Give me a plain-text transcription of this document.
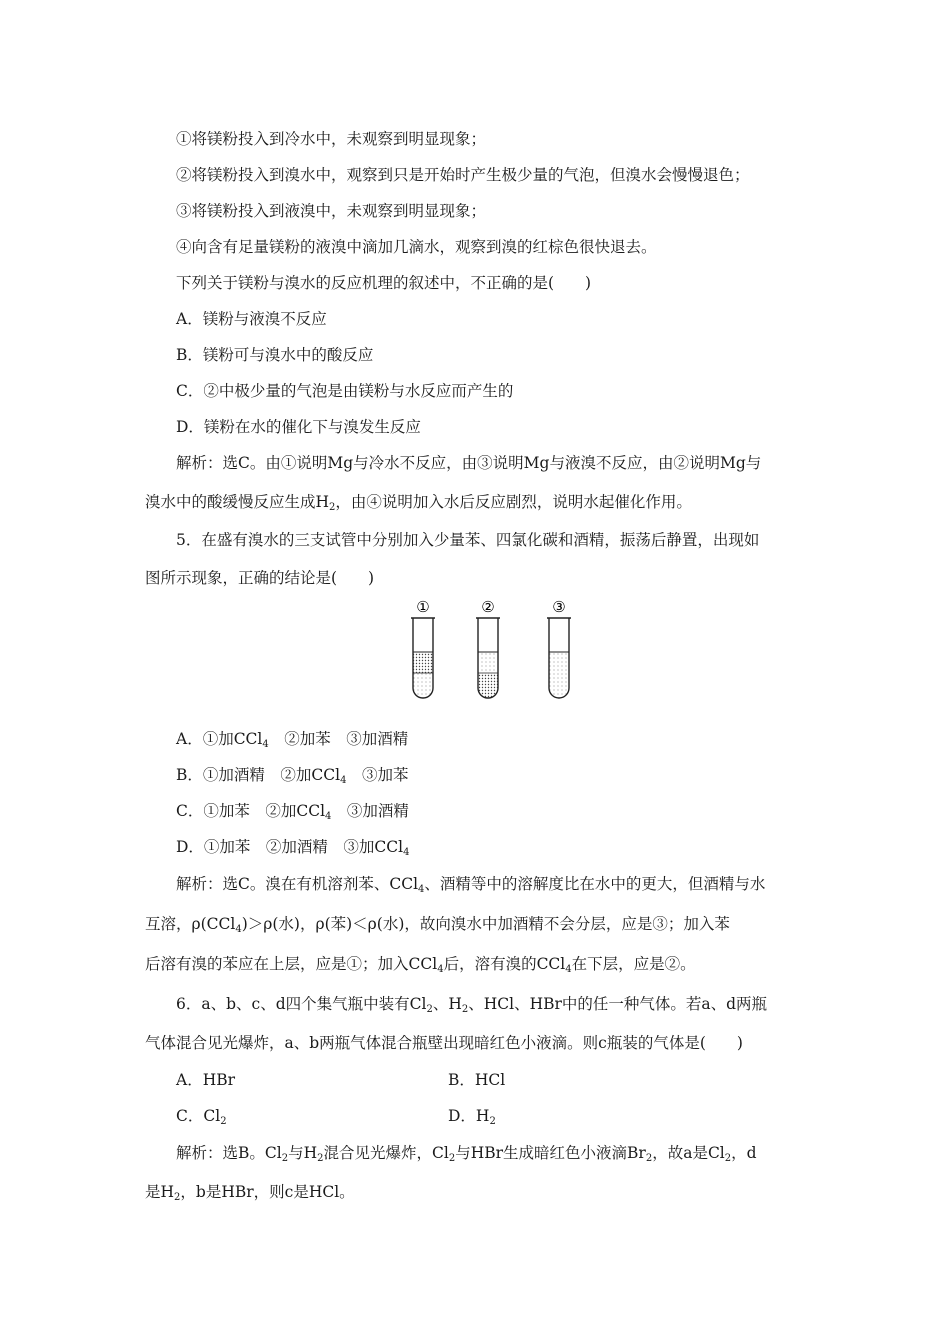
①将镁粉投入到冷水中，未观察到明显现象；
②将镁粉投入到溴水中，观察到只是开始时产生极少量的气泡，但溴水会慢慢退色；
③将镁粉投入到液溴中，未观察到明显现象；
④向含有足量镁粉的液溴中滴加几滴水，观察到溴的红棕色很快退去。
下列关于镁粉与溴水的反应机理的叙述中，不正确的是(　　)
A．镁粉与液溴不反应
B．镁粉可与溴水中的酸反应
C．②中极少量的气泡是由镁粉与水反应而产生的
D．镁粉在水的催化下与溴发生反应
解析：选C。由①说明Mg与冷水不反应，由③说明Mg与液溴不反应，由②说明Mg与
溴水中的酸缓慢反应生成$H_2$，由④说明加入水后反应剧烈，说明水起催化作用。
5．在盛有溴水的三支试管中分别加入少量苯、四氯化碳和酒精，振荡后静置，出现如
图所示现象，正确的结论是(　　)
①	②	③
A．①加CCl$_4$　②加苯　③加酒精
B．①加酒精　②加CCl$_4$　③加苯
C．①加苯　②加CCl$_4$　③加酒精
D．①加苯　②加酒精　③加CCl$_4$
解析：选C。溴在有机溶剂苯、CCl$_4$、酒精等中的溶解度比在水中的更大，但酒精与水
互溶，ρ(CCl$_4$)＞ρ(水)，ρ(苯)＜ρ(水)，故向溴水中加酒精不会分层，应是③；加入苯
后溶有溴的苯应在上层，应是①；加入CCl$_4$后，溶有溴的CCl$_4$在下层，应是②。
6．a、b、c、d四个集气瓶中装有$Cl_2$、$H_2$、HCl、HBr中的任一种气体。若a、d两瓶
气体混合见光爆炸，a、b两瓶气体混合瓶壁出现暗红色小液滴。则c瓶装的气体是(　　)
A．HBr	B．HCl
C．$Cl_2$	D．$H_2$
解析：选B。$Cl_2$与$H_2$混合见光爆炸，$Cl_2$与HBr生成暗红色小液滴$Br_2$，故a是$Cl_2$，d
是$H_2$，b是HBr，则c是HCl。
